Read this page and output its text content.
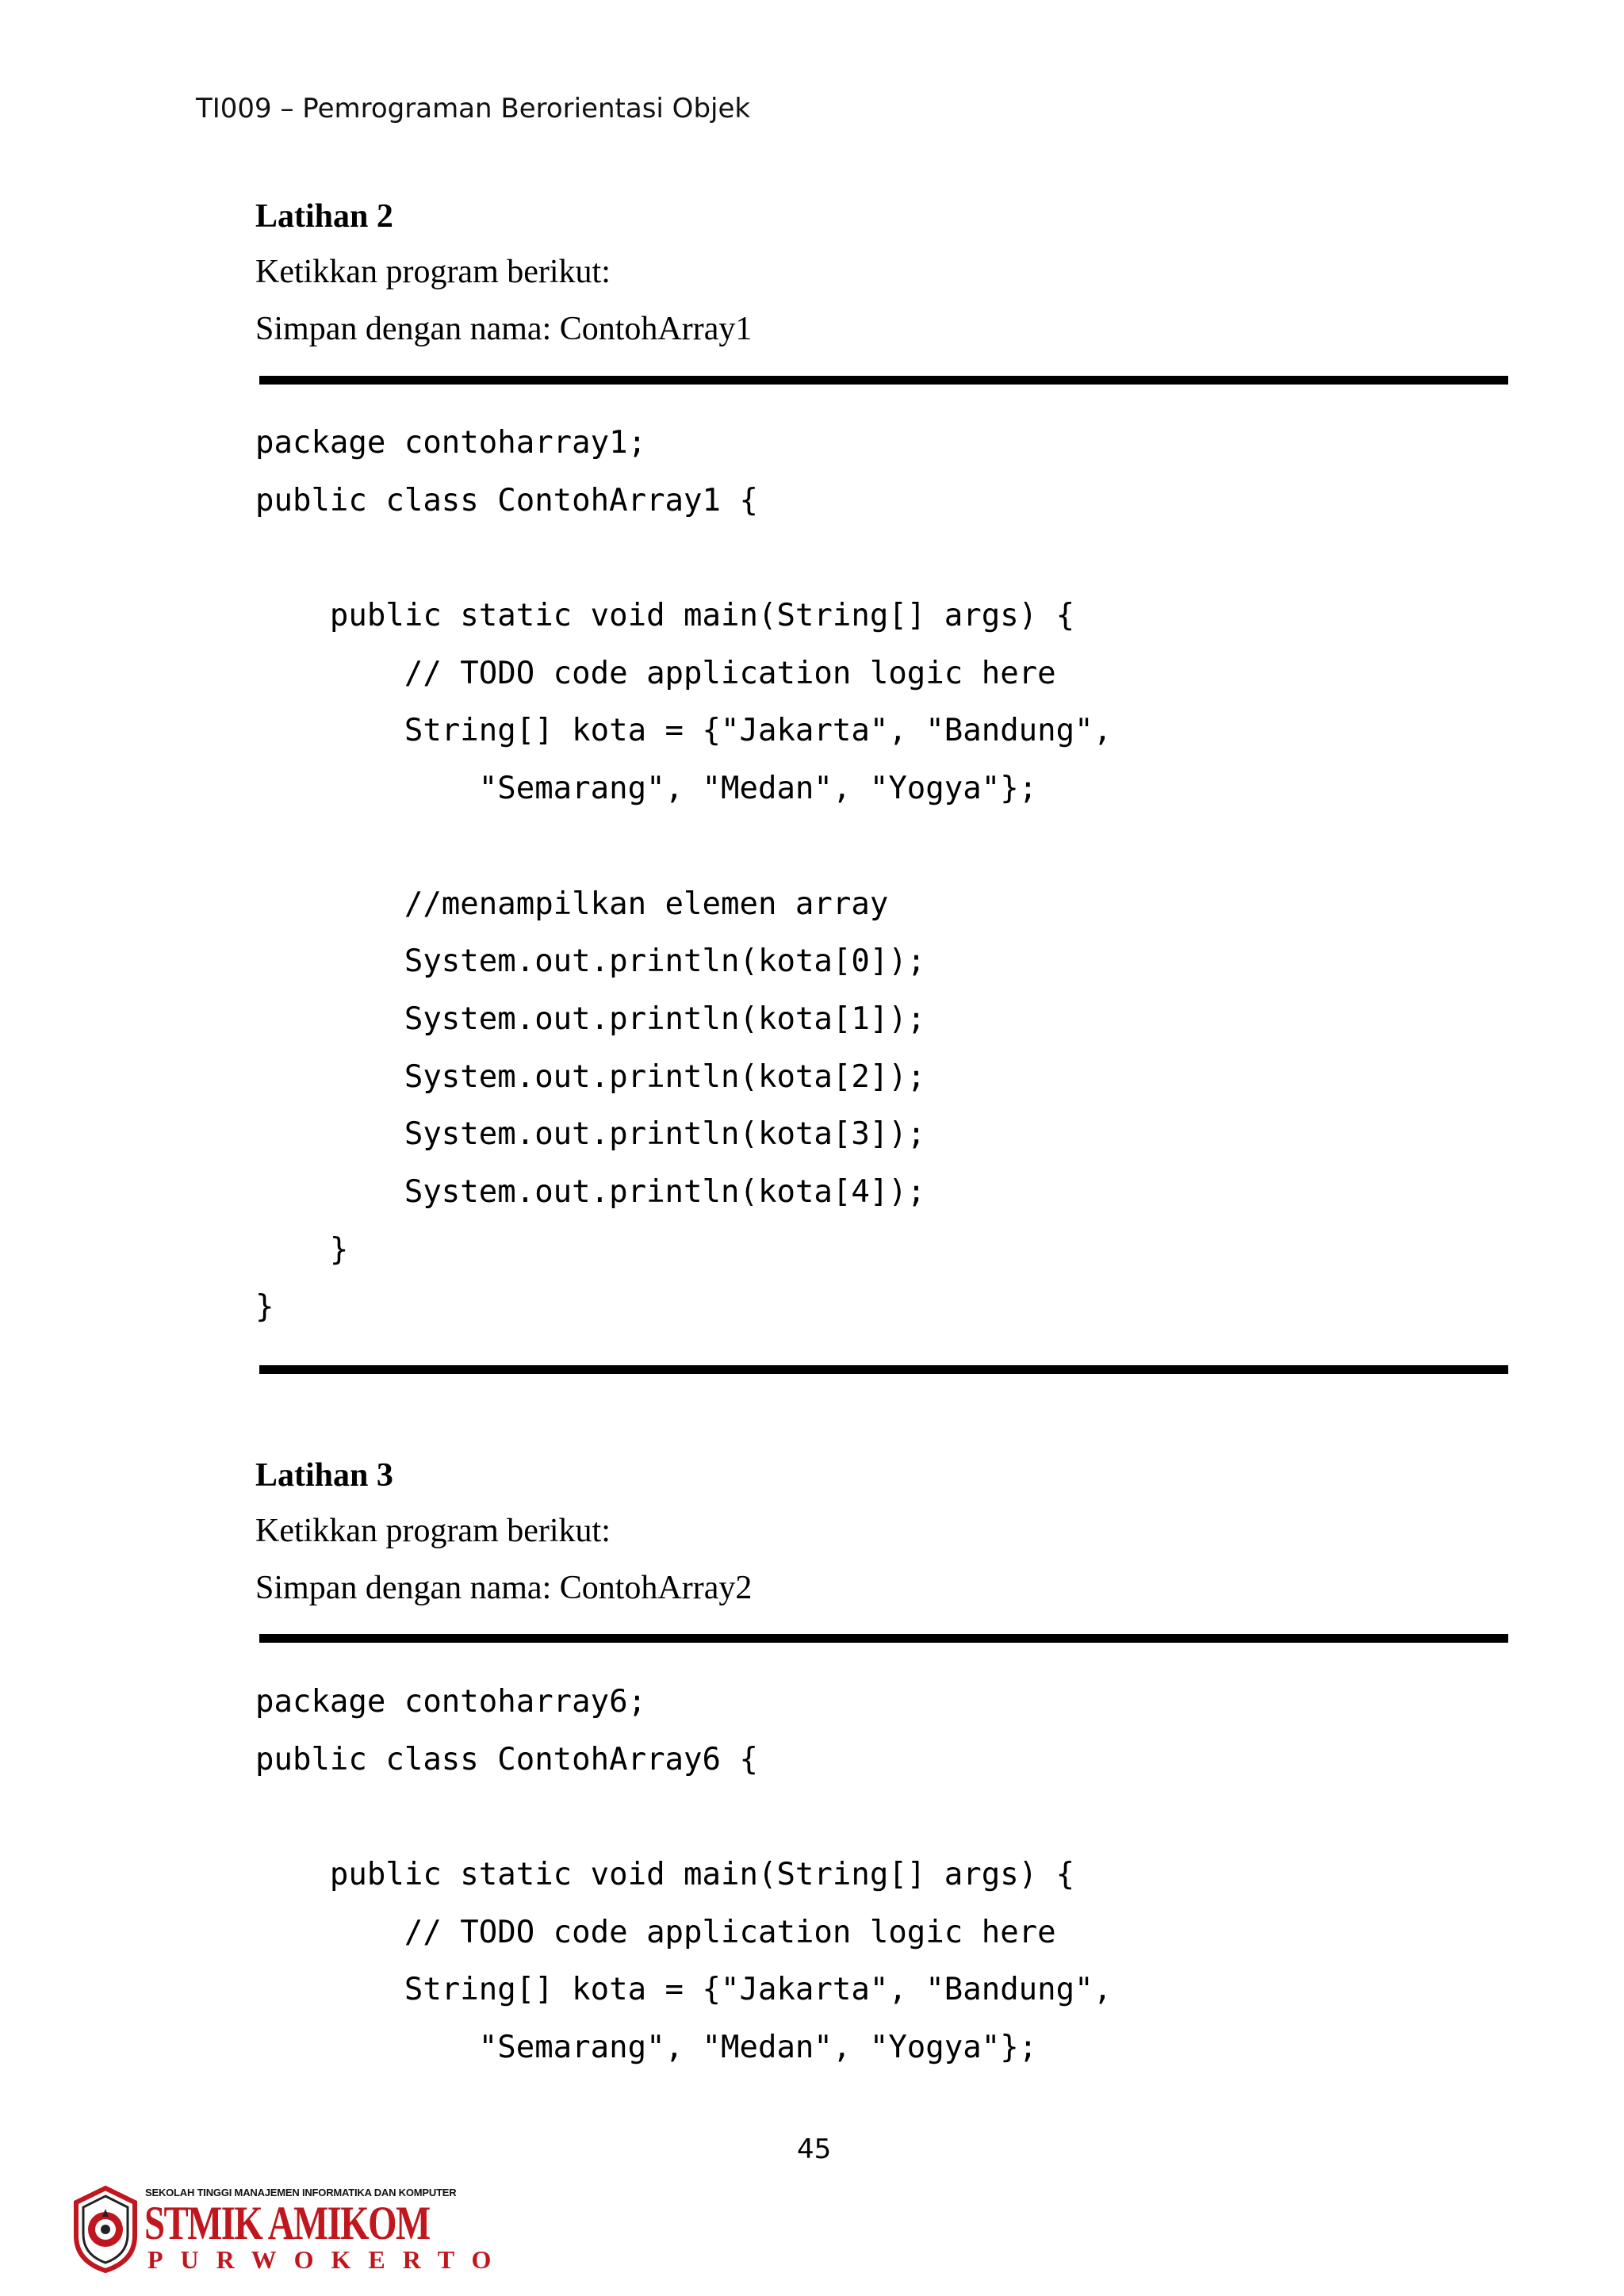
TI009 – Pemrograman Berorientasi Objek
Latihan 2
Ketikkan program berikut:
Simpan dengan nama: ContohArray1
package contoharray1;
public class ContohArray1 {
public static void main(String[] args) {
// TODO code application logic here
String[] kota = {"Jakarta", "Bandung",
"Semarang", "Medan", "Yogya"};
//menampilkan elemen array
System.out.println(kota[0]);
System.out.println(kota[1]);
System.out.println(kota[2]);
System.out.println(kota[3]);
System.out.println(kota[4]);
}
}
Latihan 3
Ketikkan program berikut:
Simpan dengan nama: ContohArray2
package contoharray6;
public class ContohArray6 {
public static void main(String[] args) {
// TODO code application logic here
String[] kota = {"Jakarta", "Bandung",
"Semarang", "Medan", "Yogya"};
45
SEKOLAH TINGGI MANAJEMEN INFORMATIKA DAN KOMPUTER
STMIK AMIKOM
PURWOKERTO
